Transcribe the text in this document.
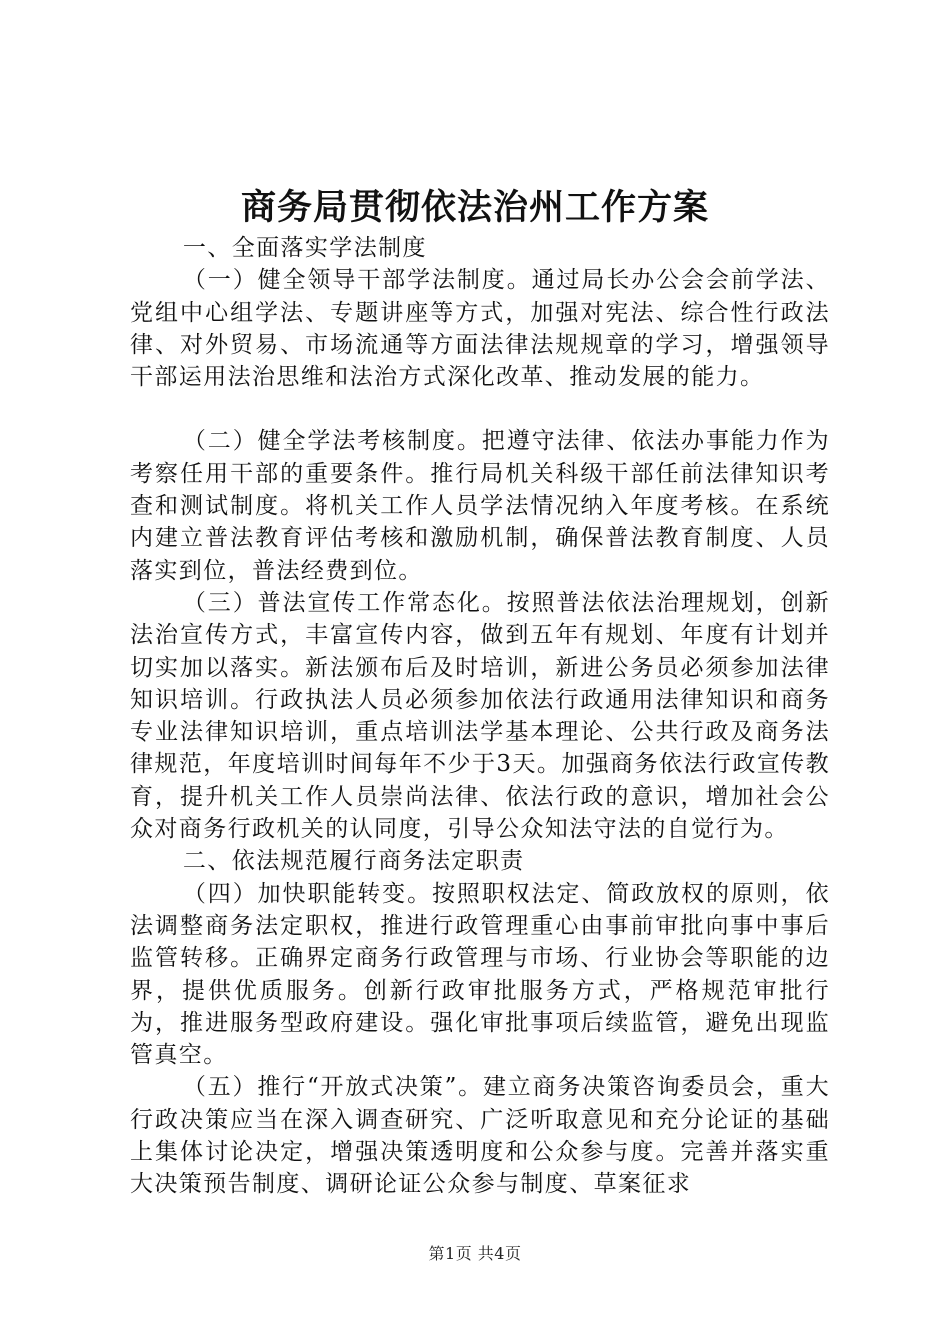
商务局贯彻依法治州工作方案

一、全面落实学法制度

（一）健全领导干部学法制度。通过局长办公会会前学法、党组中心组学法、专题讲座等方式，加强对宪法、综合性行政法律、对外贸易、市场流通等方面法律法规规章的学习，增强领导干部运用法治思维和法治方式深化改革、推动发展的能力。

（二）健全学法考核制度。把遵守法律、依法办事能力作为考察任用干部的重要条件。推行局机关科级干部任前法律知识考查和测试制度。将机关工作人员学法情况纳入年度考核。在系统内建立普法教育评估考核和激励机制，确保普法教育制度、人员落实到位，普法经费到位。

（三）普法宣传工作常态化。按照普法依法治理规划，创新法治宣传方式，丰富宣传内容，做到五年有规划、年度有计划并切实加以落实。新法颁布后及时培训，新进公务员必须参加法律知识培训。行政执法人员必须参加依法行政通用法律知识和商务专业法律知识培训，重点培训法学基本理论、公共行政及商务法律规范，年度培训时间每年不少于3天。加强商务依法行政宣传教育，提升机关工作人员崇尚法律、依法行政的意识，增加社会公众对商务行政机关的认同度，引导公众知法守法的自觉行为。

二、依法规范履行商务法定职责

（四）加快职能转变。按照职权法定、简政放权的原则，依法调整商务法定职权，推进行政管理重心由事前审批向事中事后监管转移。正确界定商务行政管理与市场、行业协会等职能的边界，提供优质服务。创新行政审批服务方式，严格规范审批行为，推进服务型政府建设。强化审批事项后续监管，避免出现监管真空。

（五）推行“开放式决策”。建立商务决策咨询委员会，重大行政决策应当在深入调查研究、广泛听取意见和充分论证的基础上集体讨论决定，增强决策透明度和公众参与度。完善并落实重大决策预告制度、调研论证公众参与制度、草案征求

第1页 共4页
